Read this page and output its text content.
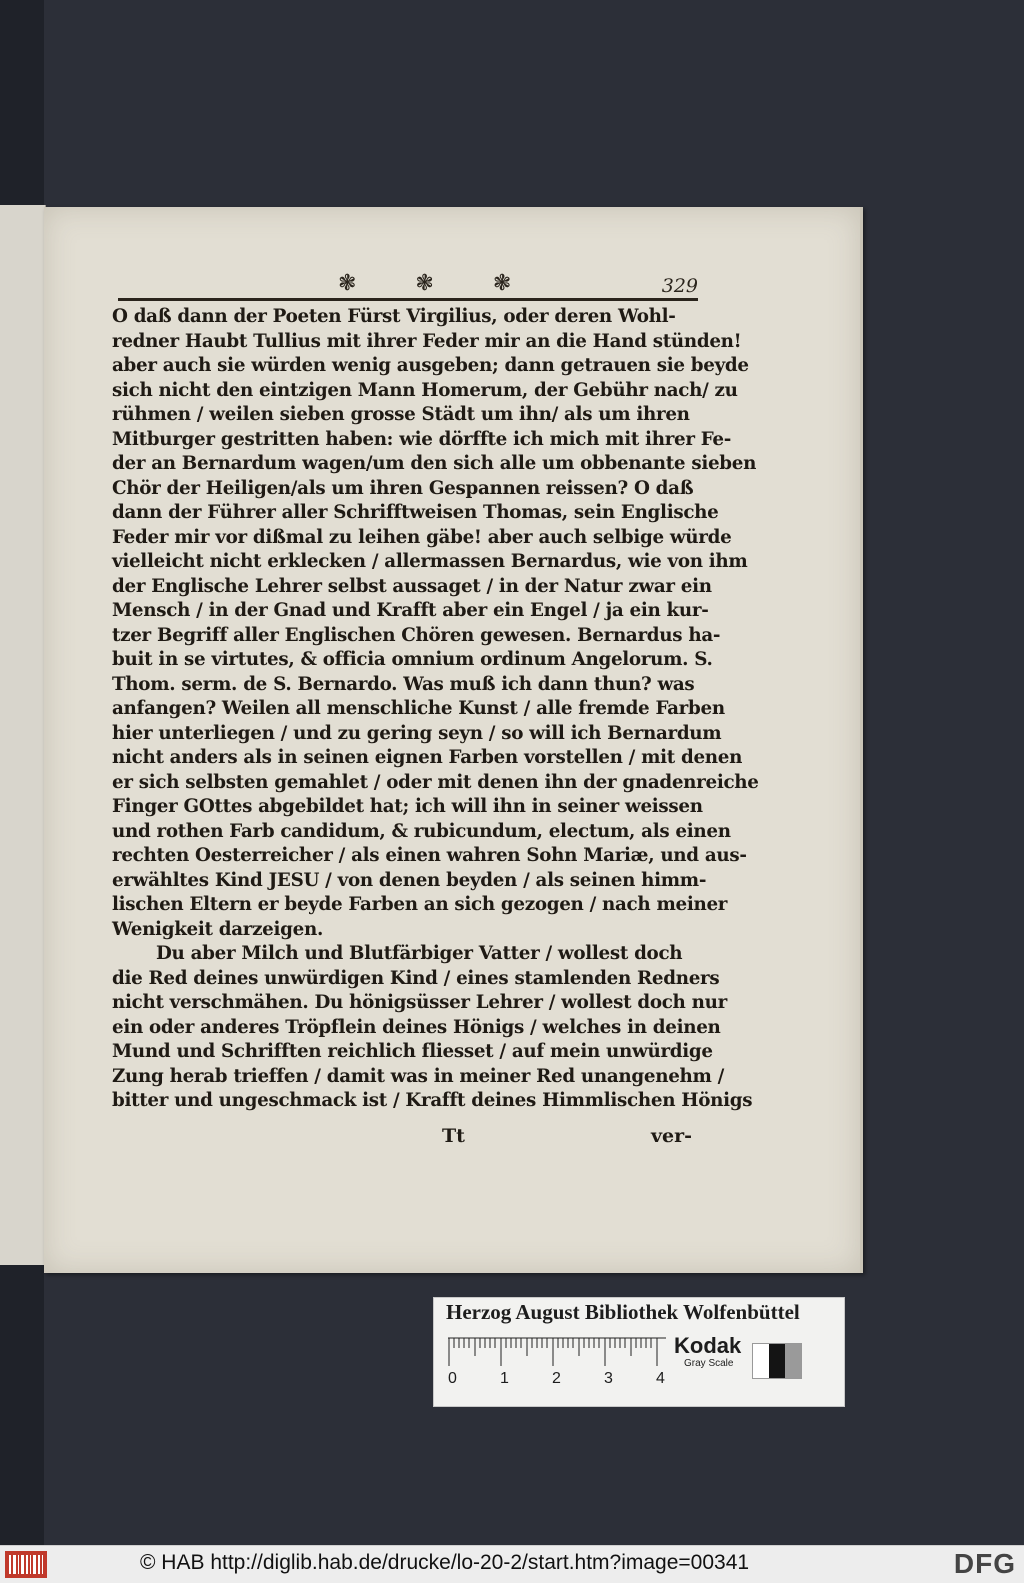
❃ ❃ ❃	329
O daß dann der Poeten Fürst Virgilius, oder deren Wohl-
redner Haubt Tullius mit ihrer Feder mir an die Hand stünden!
aber auch sie würden wenig ausgeben; dann getrauen sie beyde
sich nicht den eintzigen Mann Homerum, der Gebühr nach/ zu
rühmen / weilen sieben grosse Städt um ihn/ als um ihren
Mitburger gestritten haben: wie dörffte ich mich mit ihrer Fe-
der an Bernardum wagen/um den sich alle um obbenante sieben
Chör der Heiligen/als um ihren Gespannen reissen? O daß
dann der Führer aller Schrifftweisen Thomas, sein Englische
Feder mir vor dißmal zu leihen gäbe! aber auch selbige würde
vielleicht nicht erklecken / allermassen Bernardus, wie von ihm
der Englische Lehrer selbst aussaget / in der Natur zwar ein
Mensch / in der Gnad und Krafft aber ein Engel / ja ein kur-
tzer Begriff aller Englischen Chören gewesen. Bernardus ha-
buit in se virtutes, & officia omnium ordinum Angelorum. S.
Thom. serm. de S. Bernardo. Was muß ich dann thun? was
anfangen? Weilen all menschliche Kunst / alle fremde Farben
hier unterliegen / und zu gering seyn / so will ich Bernardum
nicht anders als in seinen eignen Farben vorstellen / mit denen
er sich selbsten gemahlet / oder mit denen ihn der gnadenreiche
Finger GOttes abgebildet hat; ich will ihn in seiner weissen
und rothen Farb candidum, & rubicundum, electum, als einen
rechten Oesterreicher / als einen wahren Sohn Mariæ, und aus-
erwähltes Kind JESU / von denen beyden / als seinen himm-
lischen Eltern er beyde Farben an sich gezogen / nach meiner
Wenigkeit darzeigen.
Du aber Milch und Blutfärbiger Vatter / wollest doch
die Red deines unwürdigen Kind / eines stamlenden Redners
nicht verschmähen. Du hönigsüsser Lehrer / wollest doch nur
ein oder anderes Tröpflein deines Hönigs / welches in deinen
Mund und Schrifften reichlich fliesset / auf mein unwürdige
Zung herab trieffen / damit was in meiner Red unangenehm /
bitter und ungeschmack ist / Krafft deines Himmlischen Hönigs
Tt	ver-
Herzog August Bibliothek Wolfenbüttel
0	1	2	3	4
Kodak
Gray Scale
© HAB http://diglib.hab.de/drucke/lo-20-2/start.htm?image=00341	DFG
